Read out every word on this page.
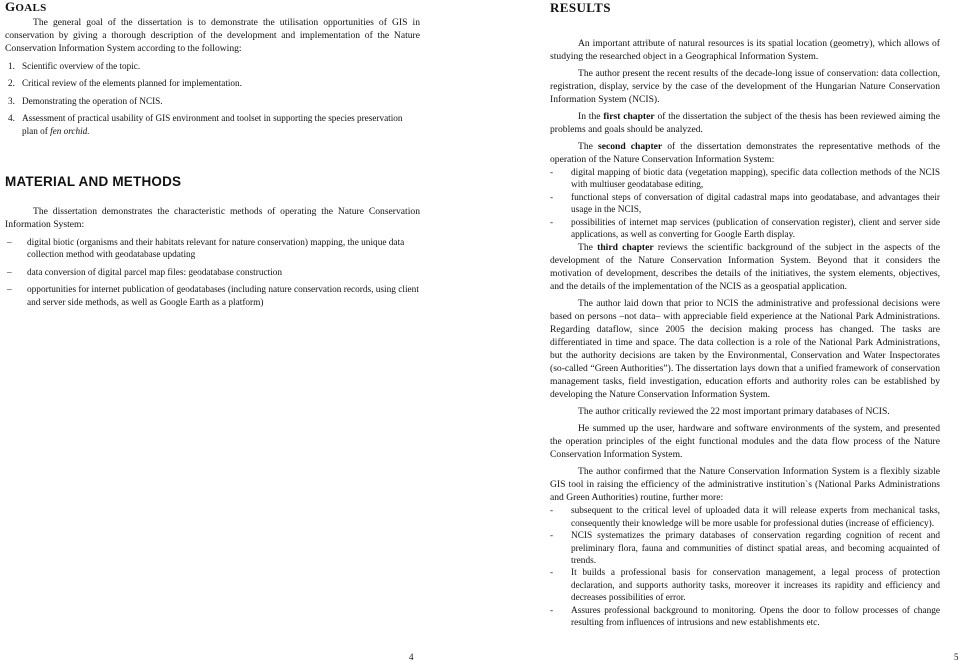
GOALS

The general goal of the dissertation is to demonstrate the utilisation opportunities of GIS in conservation by giving a thorough description of the development and implementation of the Nature Conservation Information System according to the following:

1. Scientific overview of the topic.
2. Critical review of the elements planned for implementation.
3. Demonstrating the operation of NCIS.
4. Assessment of practical usability of GIS environment and toolset in supporting the species preservation plan of fen orchid.
MATERIAL AND METHODS

The dissertation demonstrates the characteristic methods of operating the Nature Conservation Information System:

–	digital biotic (organisms and their habitats relevant for nature conservation) mapping, the unique data collection method with geodatabase updating
–	data conversion of digital parcel map files: geodatabase construction
–	opportunities for internet publication of geodatabases (including nature conservation records, using client and server side methods, as well as Google Earth as a platform)
4
RESULTS

An important attribute of natural resources is its spatial location (geometry), which allows of studying the researched object in a Geographical Information System.

The author present the recent results of the decade-long issue of conservation: data collection, registration, display, service by the case of the development of the Hungarian Nature Conservation Information System (NCIS).

In the first chapter of the dissertation the subject of the thesis has been reviewed aiming the problems and goals should be analyzed.

The second chapter of the dissertation demonstrates the representative methods of the operation of the Nature Conservation Information System:

-	digital mapping of biotic data (vegetation mapping), specific data collection methods of the NCIS with multiuser geodatabase editing,
-	functional steps of conversation of digital cadastral maps into geodatabase, and advantages their usage in the NCIS,
-	possibilities of internet map services (publication of conservation register), client and server side applications, as well as converting for Google Earth display.

The third chapter reviews the scientific background of the subject in the aspects of the development of the Nature Conservation Information System. Beyond that it considers the motivation of development, describes the details of the initiatives, the system elements, objectives, and the details of the implementation of the NCIS as a geospatial application.

The author laid down that prior to NCIS the administrative and professional decisions were based on persons –not data– with appreciable field experience at the National Park Administrations. Regarding dataflow, since 2005 the decision making process has changed. The tasks are differentiated in time and space. The data collection is a role of the National Park Administrations, but the authority decisions are taken by the Environmental, Conservation and Water Inspectorates (so-called “Green Authorities”). The dissertation lays down that a unified framework of conservation management tasks, field investigation, education efforts and authority roles can be established by developing the Nature Conservation Information System.

The author critically reviewed the 22 most important primary databases of NCIS.

He summed up the user, hardware and software environments of the system, and presented the operation principles of the eight functional modules and the data flow process of the Nature Conservation Information System.

The author confirmed that the Nature Conservation Information System is a flexibly sizable GIS tool in raising the efficiency of the administrative institution`s (National Parks Administrations and Green Authorities) routine, further more:

-	subsequent to the critical level of uploaded data it will release experts from mechanical tasks, consequently their knowledge will be more usable for professional duties (increase of efficiency).
-	NCIS systematizes the primary databases of conservation regarding cognition of recent and preliminary flora, fauna and communities of distinct spatial areas, and becoming acquainted of trends.
-	It builds a professional basis for conservation management, a legal process of protection declaration, and supports authority tasks, moreover it increases its rapidity and efficiency and decreases possibilities of error.
-	Assures professional background to monitoring. Opens the door to follow processes of change resulting from influences of intrusions and new establishments etc.
5
